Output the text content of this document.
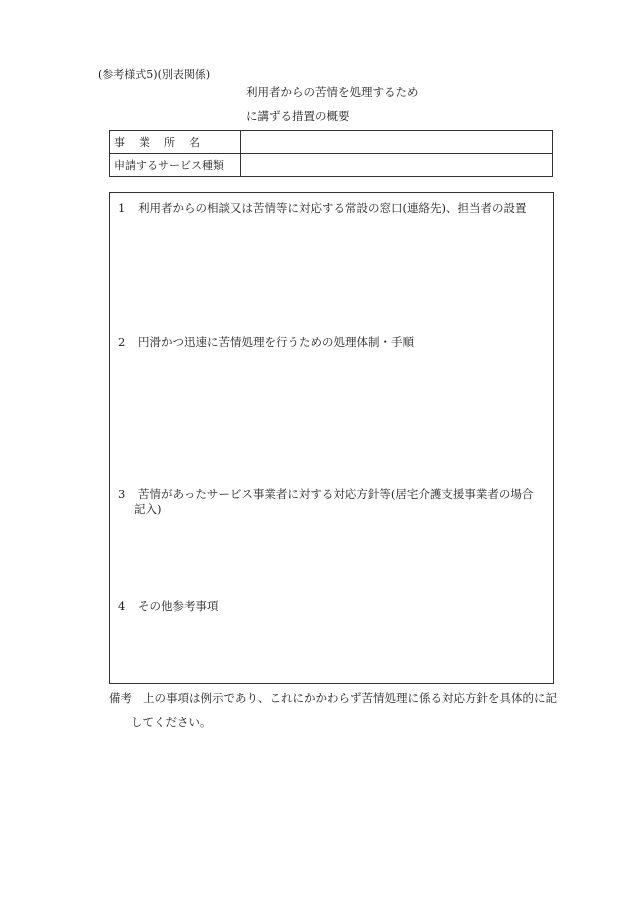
(参考様式5)(別表関係)
利用者からの苦情を処理するため
に講ずる措置の概要
事業所名	
申請するサービス種類	
1 利用者からの相談又は苦情等に対応する常設の窓口(連絡先)、担当者の設置
2 円滑かつ迅速に苦情処理を行うための処理体制・手順
3 苦情があったサービス事業者に対する対応方針等(居宅介護支援事業者の場合
記入)
4 その他参考事項
備考 上の事項は例示であり、これにかかわらず苦情処理に係る対応方針を具体的に記
してください。
